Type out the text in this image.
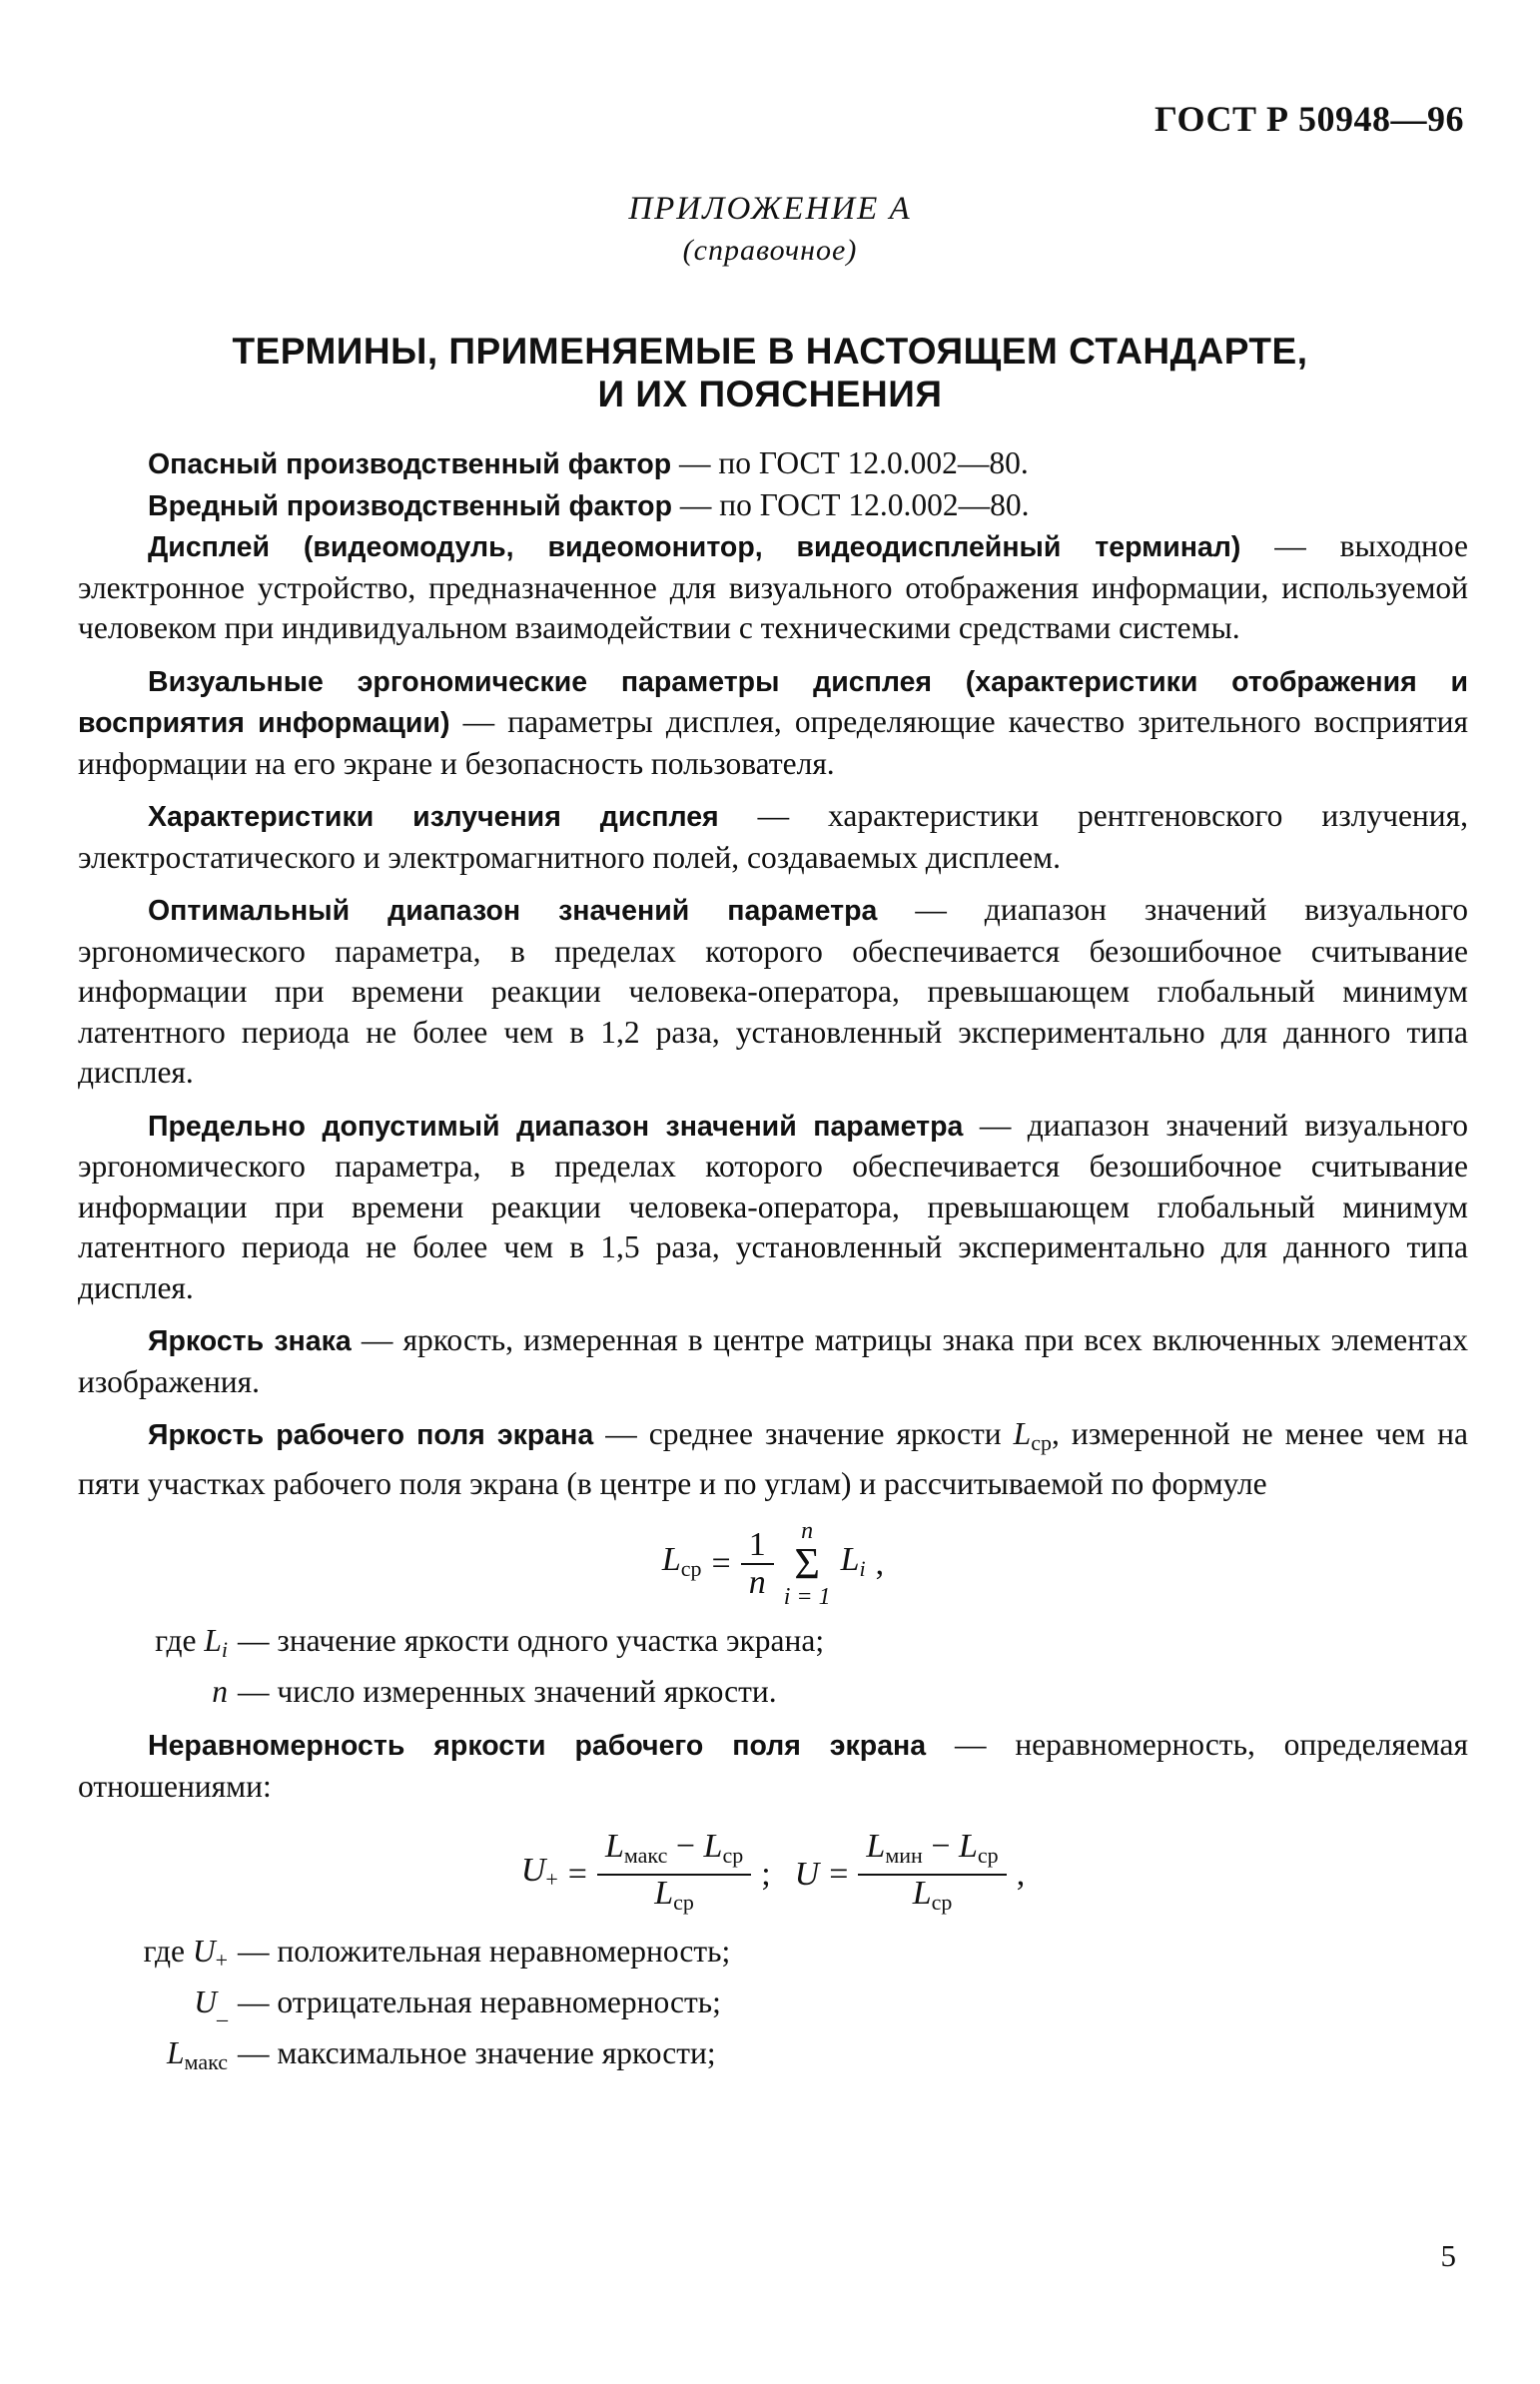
ГОСТ Р 50948—96
ПРИЛОЖЕНИЕ А
(справочное)
ТЕРМИНЫ, ПРИМЕНЯЕМЫЕ В НАСТОЯЩЕМ СТАНДАРТЕ,
И ИХ ПОЯСНЕНИЯ

Опасный производственный фактор — по ГОСТ 12.0.002—80.

Вредный производственный фактор — по ГОСТ 12.0.002—80.

Дисплей (видеомодуль, видеомонитор, видеодисплейный терминал) — выходное электронное устройство, предназначенное для визуального отображения информации, используемой человеком при индивидуальном взаимодействии с техническими средствами системы.

Визуальные эргономические параметры дисплея (характеристики отображения и восприятия информации) — параметры дисплея, определяющие качество зрительного восприятия информации на его экране и безопасность пользователя.

Характеристики излучения дисплея — характеристики рентгеновского излучения, электростатического и электромагнитного полей, создаваемых дисплеем.

Оптимальный диапазон значений параметра — диапазон значений визуального эргономического параметра, в пределах которого обеспечивается безошибочное считывание информации при времени реакции человека-оператора, превышающем глобальный минимум латентного периода не более чем в 1,2 раза, установленный экспериментально для данного типа дисплея.

Предельно допустимый диапазон значений параметра — диапазон значений визуального эргономического параметра, в пределах которого обеспечивается безошибочное считывание информации при времени реакции человека-оператора, превышающем глобальный минимум латентного периода не более чем в 1,5 раза, установленный экспериментально для данного типа дисплея.

Яркость знака — яркость, измеренная в центре матрицы знака при всех включенных элементах изображения.

Яркость рабочего поля экрана — среднее значение яркости $L_{ср}$, измеренной не менее чем на пяти участках рабочего поля экрана (в центре и по углам) и рассчитываемой по формуле

$L_{ср} = \frac{1}{n}$ n
Σ
i = 1
$L_i$ ,
где $L_i$ — значение яркости одного участка экрана;
n — число измеренных значений яркости.

Неравномерность яркости рабочего поля экрана — неравномерность, определяемая отношениями:

$U_+ = \frac{L_{макс} - L_{ср}}{L_{ср}}$ ; $U = \frac{L_{мин} - L_{ср}}{L_{ср}}$ ,
где $U_+$ — положительная неравномерность;
$U_{\_}$ — отрицательная неравномерность;
$L_{макс}$ — максимальное значение яркости;
5
